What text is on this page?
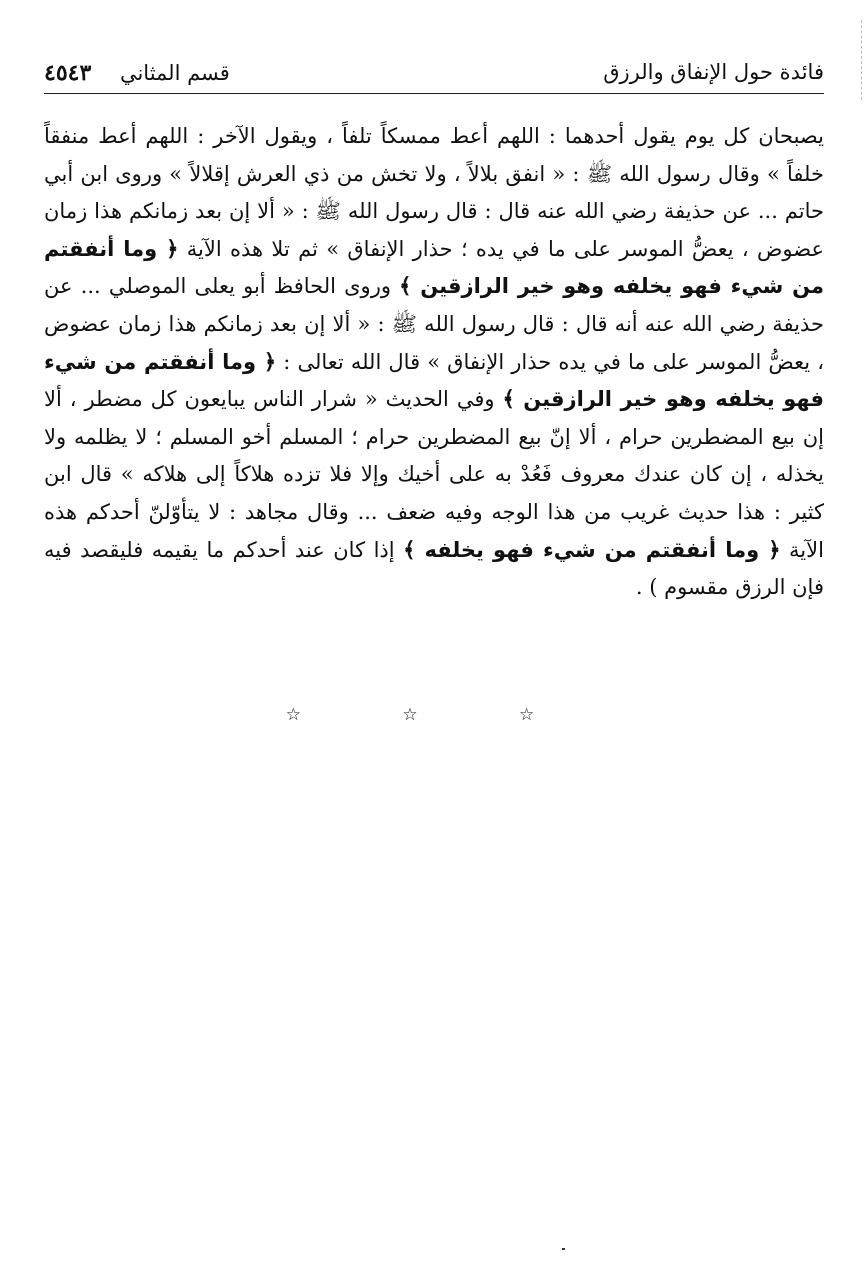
فائدة حول الإنفاق والرزق
قسم المثاني ٤٥٤٣

يصبحان كل يوم يقول أحدهما : اللهم أعط ممسكاً تلفاً ، ويقول الآخر : اللهم أعط منفقاً خلفاً » وقال رسول الله ﷺ : « انفق بلالاً ، ولا تخش من ذي العرش إقلالاً » وروى ابن أبي حاتم ... عن حذيفة رضي الله عنه قال : قال رسول الله ﷺ : « ألا إن بعد زمانكم هذا زمان عضوض ، يعضُّ الموسر على ما في يده ؛ حذار الإنفاق » ثم تلا هذه الآية ﴿ وما أنفقتم من شيء فهو يخلفه وهو خير الرازقين ﴾ وروى الحافظ أبو يعلى الموصلي ... عن حذيفة رضي الله عنه أنه قال : قال رسول الله ﷺ : « ألا إن بعد زمانكم هذا زمان عضوض ، يعضُّ الموسر على ما في يده حذار الإنفاق » قال الله تعالى : ﴿ وما أنفقتم من شيء فهو يخلفه وهو خير الرازقين ﴾ وفي الحديث « شرار الناس يبايعون كل مضطر ، ألا إن بيع المضطرين حرام ، ألا إنّ بيع المضطرين حرام ؛ المسلم أخو المسلم ؛ لا يظلمه ولا يخذله ، إن كان عندك معروف فَعُدْ به على أخيك وإلا فلا تزده هلاكاً إلى هلاكه » قال ابن كثير : هذا حديث غريب من هذا الوجه وفيه ضعف ... وقال مجاهد : لا يتأوّلنّ أحدكم هذه الآية ﴿ وما أنفقتم من شيء فهو يخلفه ﴾ إذا كان عند أحدكم ما يقيمه فليقصد فيه فإن الرزق مقسوم ) .

☆ ☆ ☆
